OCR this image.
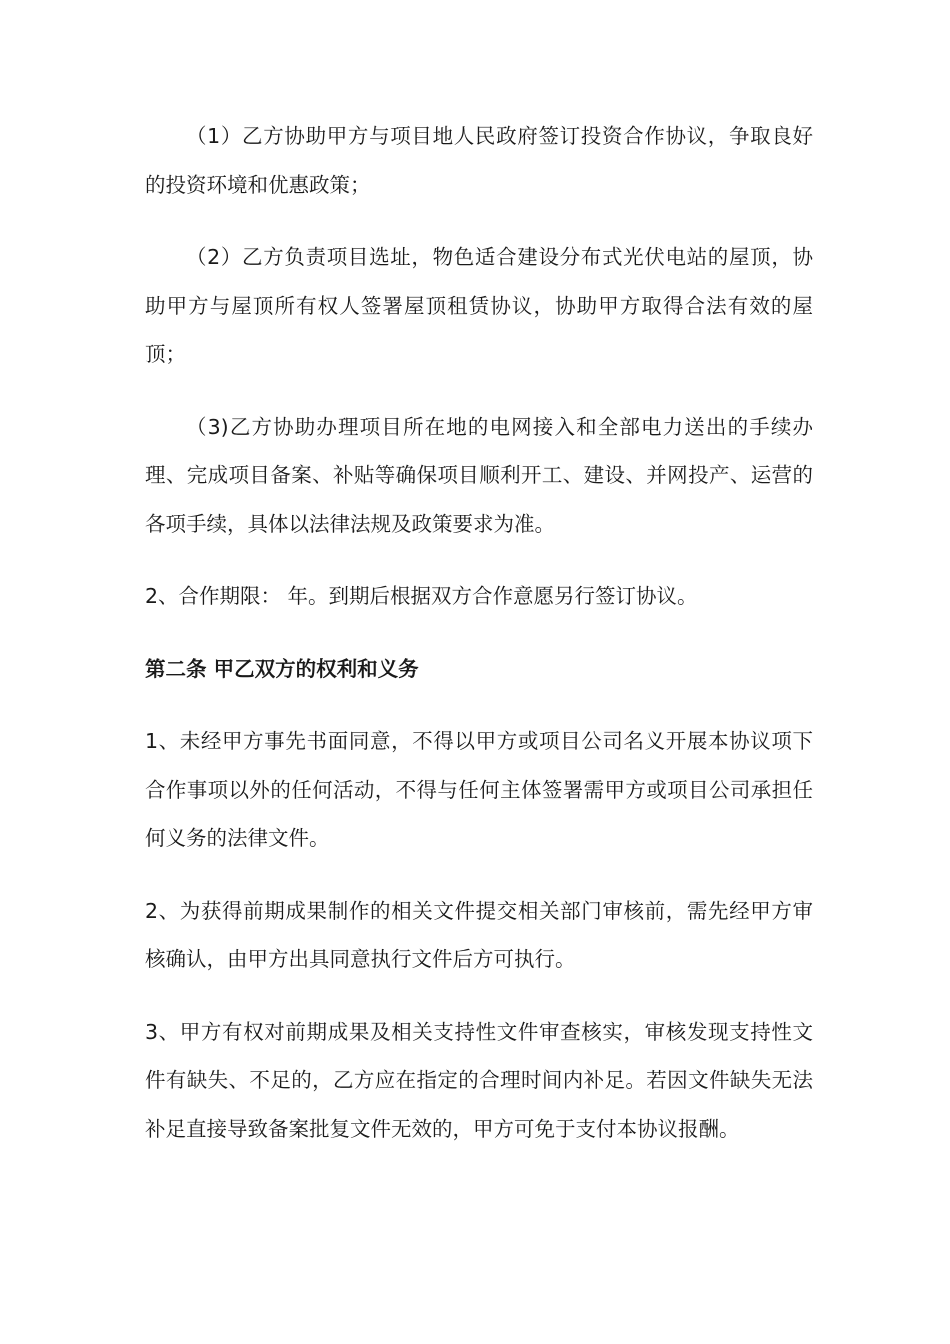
（1）乙方协助甲方与项目地人民政府签订投资合作协议，争取良好的投资环境和优惠政策；

（2）乙方负责项目选址，物色适合建设分布式光伏电站的屋顶，协助甲方与屋顶所有权人签署屋顶租赁协议，协助甲方取得合法有效的屋顶；

（3)乙方协助办理项目所在地的电网接入和全部电力送出的手续办理、完成项目备案、补贴等确保项目顺利开工、建设、并网投产、运营的各项手续，具体以法律法规及政策要求为准。

2、合作期限： 年。到期后根据双方合作意愿另行签订协议。

第二条 甲乙双方的权利和义务

1、未经甲方事先书面同意，不得以甲方或项目公司名义开展本协议项下合作事项以外的任何活动，不得与任何主体签署需甲方或项目公司承担任何义务的法律文件。

2、为获得前期成果制作的相关文件提交相关部门审核前，需先经甲方审核确认，由甲方出具同意执行文件后方可执行。

3、甲方有权对前期成果及相关支持性文件审查核实，审核发现支持性文件有缺失、不足的，乙方应在指定的合理时间内补足。若因文件缺失无法补足直接导致备案批复文件无效的，甲方可免于支付本协议报酬。
